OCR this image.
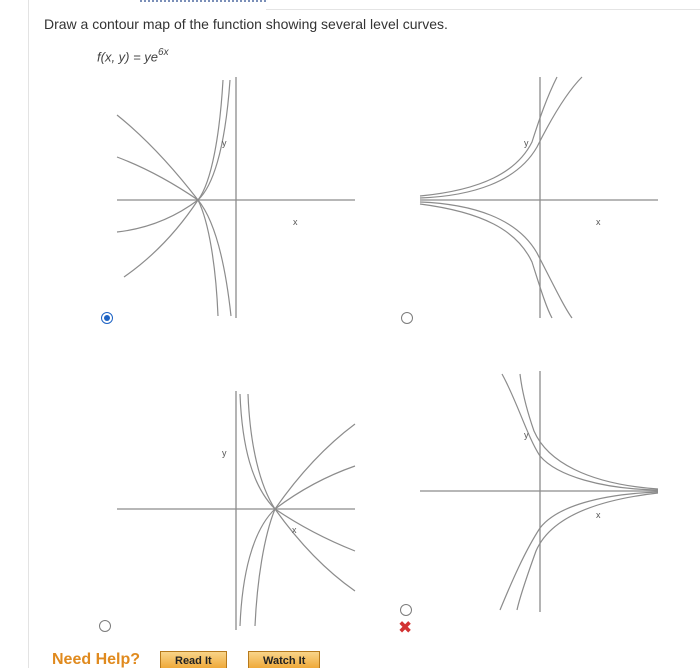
Draw a contour map of the function showing several level curves.
f(x, $y) = ye^{6x}$
y
x
y
x
y
x
y
x
✖
Need Help?	Read It	Watch It
